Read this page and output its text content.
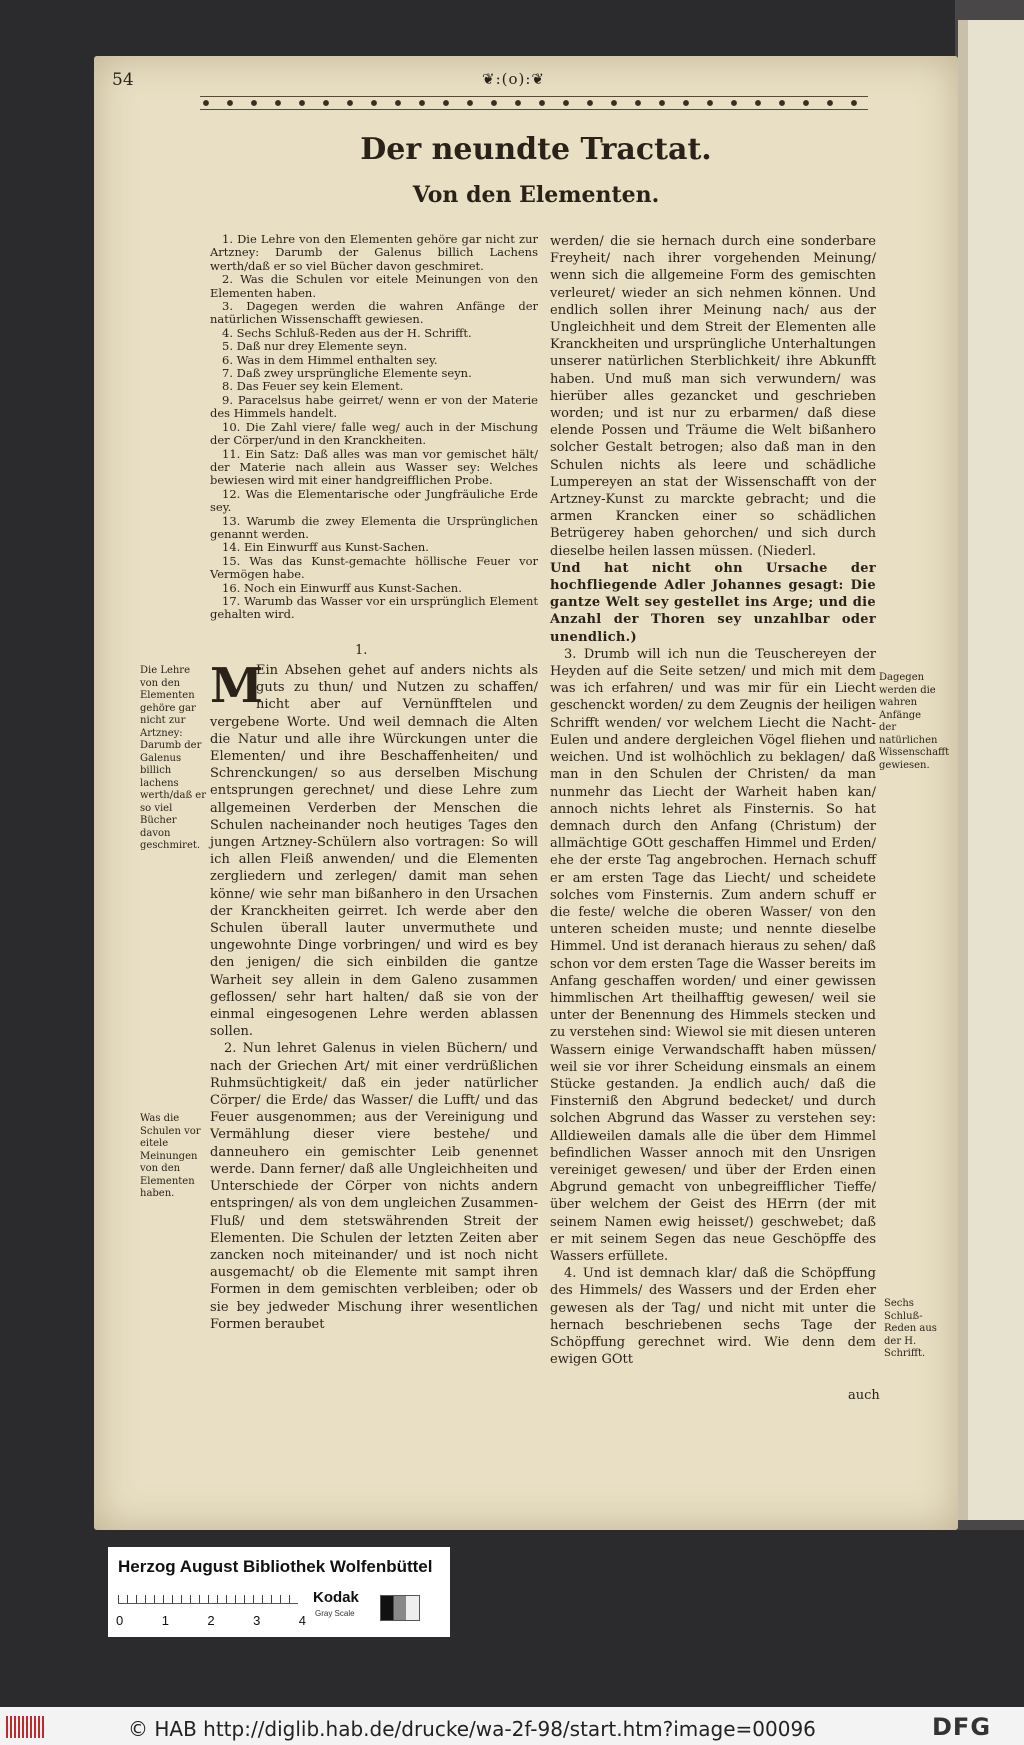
54	❦:(o):❦
Der neundte Tractat.
Von den Elementen.

1. Die Lehre von den Elementen gehöre gar nicht zur Artzney: Darumb der Galenus billich Lachens werth/daß er so viel Bücher davon geschmiret.

2. Was die Schulen vor eitele Meinungen von den Elementen haben.

3. Dagegen werden die wahren Anfänge der natürlichen Wissenschafft gewiesen.

4. Sechs Schluß-Reden aus der H. Schrifft.

5. Daß nur drey Elemente seyn.

6. Was in dem Himmel enthalten sey.

7. Daß zwey ursprüngliche Elemente seyn.

8. Das Feuer sey kein Element.

9. Paracelsus habe geirret/ wenn er von der Materie des Himmels handelt.

10. Die Zahl viere/ falle weg/ auch in der Mischung der Cörper/und in den Kranckheiten.

11. Ein Satz: Daß alles was man vor gemischet hält/ der Materie nach allein aus Wasser sey: Welches bewiesen wird mit einer handgreifflichen Probe.

12. Was die Elementarische oder Jungfräuliche Erde sey.

13. Warumb die zwey Elementa die Ursprünglichen genannt werden.

14. Ein Einwurff aus Kunst-Sachen.

15. Was das Kunst-gemachte höllische Feuer vor Vermögen habe.

16. Noch ein Einwurff aus Kunst-Sachen.

17. Warumb das Wasser vor ein ursprünglich Element gehalten wird.

1.

M
Ein Absehen gehet auf anders nichts als guts zu thun/ und Nutzen zu schaffen/ nicht aber auf Vernünfftelen und vergebene Worte. Und weil demnach die Alten die Natur und alle ihre Würckungen unter die Elementen/ und ihre Beschaffenheiten/ und Schrenckungen/ so aus derselben Mischung entsprungen gerechnet/ und diese Lehre zum allgemeinen Verderben der Menschen die Schulen nacheinander noch heutiges Tages den jungen Artzney-Schülern also vortragen: So will ich allen Fleiß anwenden/ und die Elementen zergliedern und zerlegen/ damit man sehen könne/ wie sehr man bißanhero in den Ursachen der Kranckheiten geirret. Ich werde aber den Schulen überall lauter unvermuthete und ungewohnte Dinge vorbringen/ und wird es bey den jenigen/ die sich einbilden die gantze Warheit sey allein in dem Galeno zusammen geflossen/ sehr hart halten/ daß sie von der einmal eingesogenen Lehre werden ablassen sollen.

2. Nun lehret Galenus in vielen Büchern/ und nach der Griechen Art/ mit einer verdrüßlichen Ruhmsüchtigkeit/ daß ein jeder natürlicher Cörper/ die Erde/ das Wasser/ die Lufft/ und das Feuer ausgenommen; aus der Vereinigung und Vermählung dieser viere bestehe/ und danneuhero ein gemischter Leib genennet werde. Dann ferner/ daß alle Ungleichheiten und Unterschiede der Cörper von nichts andern entspringen/ als von dem ungleichen Zusammen-Fluß/ und dem stetswährenden Streit der Elementen. Die Schulen der letzten Zeiten aber zancken noch miteinander/ und ist noch nicht ausgemacht/ ob die Elemente mit sampt ihren Formen in dem gemischten verbleiben; oder ob sie bey jedweder Mischung ihrer wesentlichen Formen beraubet

werden/ die sie hernach durch eine sonderbare Freyheit/ nach ihrer vorgehenden Meinung/ wenn sich die allgemeine Form des gemischten verleuret/ wieder an sich nehmen können. Und endlich sollen ihrer Meinung nach/ aus der Ungleichheit und dem Streit der Elementen alle Kranckheiten und ursprüngliche Unterhaltungen unserer natürlichen Sterblichkeit/ ihre Abkunfft haben. Und muß man sich verwundern/ was hierüber alles gezancket und geschrieben worden; und ist nur zu erbarmen/ daß diese elende Possen und Träume die Welt bißanhero solcher Gestalt betrogen; also daß man in den Schulen nichts als leere und schädliche Lumpereyen an stat der Wissenschafft von der Artzney-Kunst zu marckte gebracht; und die armen Krancken einer so schädlichen Betrügerey haben gehorchen/ und sich durch dieselbe heilen lassen müssen. (Niederl.

Und hat nicht ohn Ursache der hochfliegende Adler Johannes gesagt: Die gantze Welt sey gestellet ins Arge; und die Anzahl der Thoren sey unzahlbar oder unendlich.)

3. Drumb will ich nun die Teuschereyen der Heyden auf die Seite setzen/ und mich mit dem was ich erfahren/ und was mir für ein Liecht geschenckt worden/ zu dem Zeugnis der heiligen Schrifft wenden/ vor welchem Liecht die Nacht-Eulen und andere dergleichen Vögel fliehen und weichen. Und ist wolhöchlich zu beklagen/ daß man in den Schulen der Christen/ da man nunmehr das Liecht der Warheit haben kan/ annoch nichts lehret als Finsternis. So hat demnach durch den Anfang (Christum) der allmächtige GOtt geschaffen Himmel und Erden/ ehe der erste Tag angebrochen. Hernach schuff er am ersten Tage das Liecht/ und scheidete solches vom Finsternis. Zum andern schuff er die feste/ welche die oberen Wasser/ von den unteren scheiden muste; und nennte dieselbe Himmel. Und ist deranach hieraus zu sehen/ daß schon vor dem ersten Tage die Wasser bereits im Anfang geschaffen worden/ und einer gewissen himmlischen Art theilhafftig gewesen/ weil sie unter der Benennung des Himmels stecken und zu verstehen sind: Wiewol sie mit diesen unteren Wassern einige Verwandschafft haben müssen/ weil sie vor ihrer Scheidung einsmals an einem Stücke gestanden. Ja endlich auch/ daß die Finsterniß den Abgrund bedecket/ und durch solchen Abgrund das Wasser zu verstehen sey: Alldieweilen damals alle die über dem Himmel befindlichen Wasser annoch mit den Unsrigen vereiniget gewesen/ und über der Erden einen Abgrund gemacht von unbegreifflicher Tieffe/ über welchem der Geist des HErrn (der mit seinem Namen ewig heisset/) geschwebet; daß er mit seinem Segen das neue Geschöpffe des Wassers erfüllete.

4. Und ist demnach klar/ daß die Schöpffung des Himmels/ des Wassers und der Erden eher gewesen als der Tag/ und nicht mit unter die hernach beschriebenen sechs Tage der Schöpffung gerechnet wird. Wie denn dem ewigen GOtt

auch
Die Lehre von den Elementen gehöre gar nicht zur Artzney: Darumb der Galenus billich lachens werth/daß er so viel Bücher davon geschmiret.
Was die Schulen vor eitele Meinungen von den Elementen haben.
Dagegen werden die wahren Anfänge der natürlichen Wissenschafft gewiesen.
Sechs Schluß-Reden aus der H. Schrifft.
Herzog August Bibliothek Wolfenbüttel
0	1	2	3	4
Kodak
Gray Scale
© HAB http://diglib.hab.de/drucke/wa-2f-98/start.htm?image=00096	DFG
